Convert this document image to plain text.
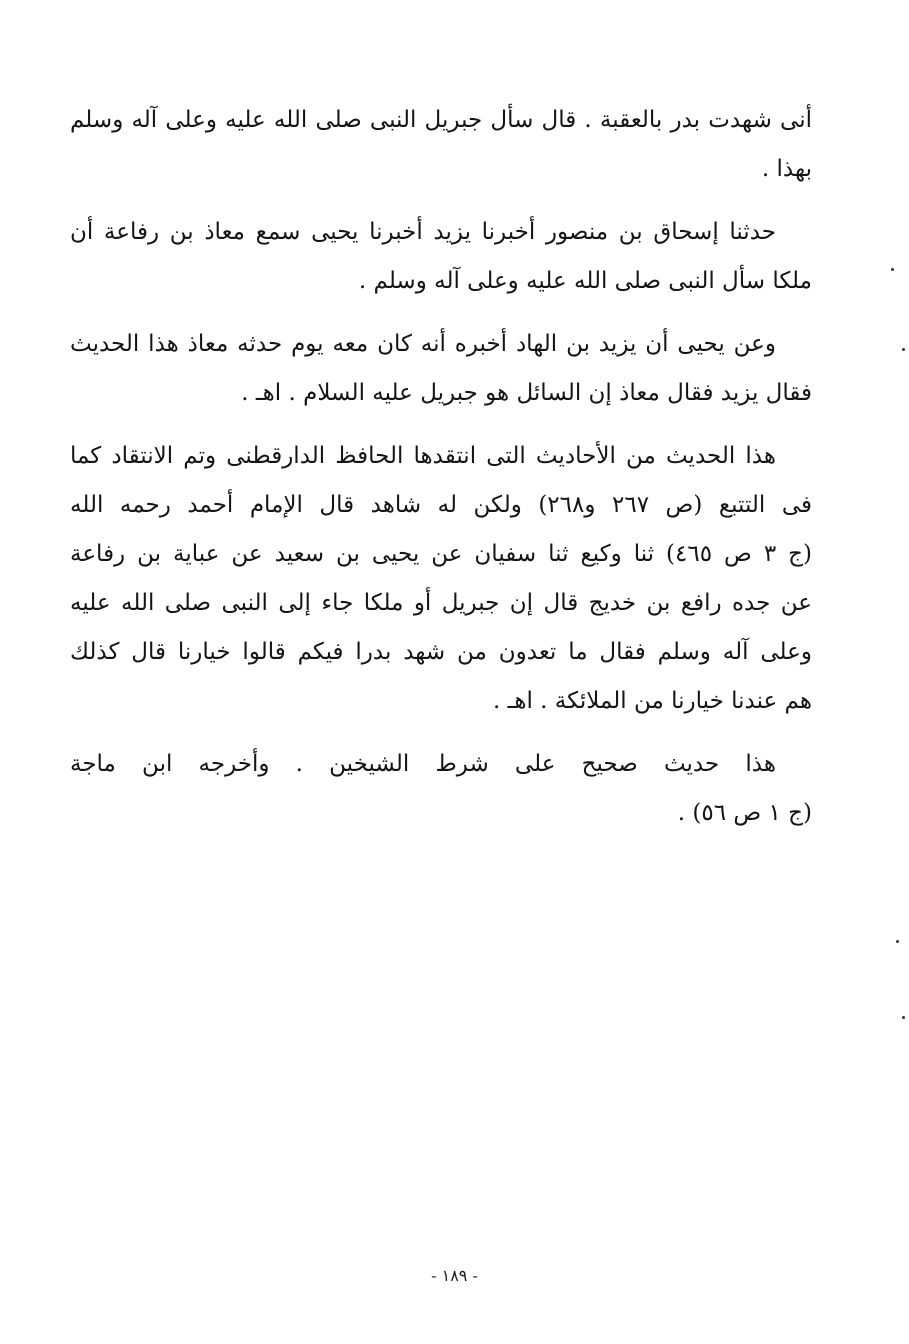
أنى شهدت بدر بالعقبة . قال سأل جبريل النبى صلى الله عليه وعلى آله وسلم
بهذا .
حدثنا إسحاق بن منصور أخبرنا يزيد أخبرنا يحيى سمع معاذ بن رفاعة أن
ملكا سأل النبى صلى الله عليه وعلى آله وسلم .
وعن يحيى أن يزيد بن الهاد أخبره أنه كان معه يوم حدثه معاذ هذا الحديث
فقال يزيد فقال معاذ إن السائل هو جبريل عليه السلام . اهـ .
هذا الحديث من الأحاديث التى انتقدها الحافظ الدارقطنى وتم الانتقاد كما
فى التتبع (ص ٢٦٧ و٢٦٨) ولكن له شاهد قال الإمام أحمد رحمه الله
(ج ٣ ص ٤٦٥) ثنا وكيع ثنا سفيان عن يحيى بن سعيد عن عباية بن رفاعة
عن جده رافع بن خديج قال إن جبريل أو ملكا جاء إلى النبى صلى الله عليه
وعلى آله وسلم فقال ما تعدون من شهد بدرا فيكم قالوا خيارنا قال كذلك
هم عندنا خيارنا من الملائكة . اهـ .
هذا حديث صحيح على شرط الشيخين . وأخرجه ابن ماجة
(ج ١ ص ٥٦) .
- ١٨٩ -
